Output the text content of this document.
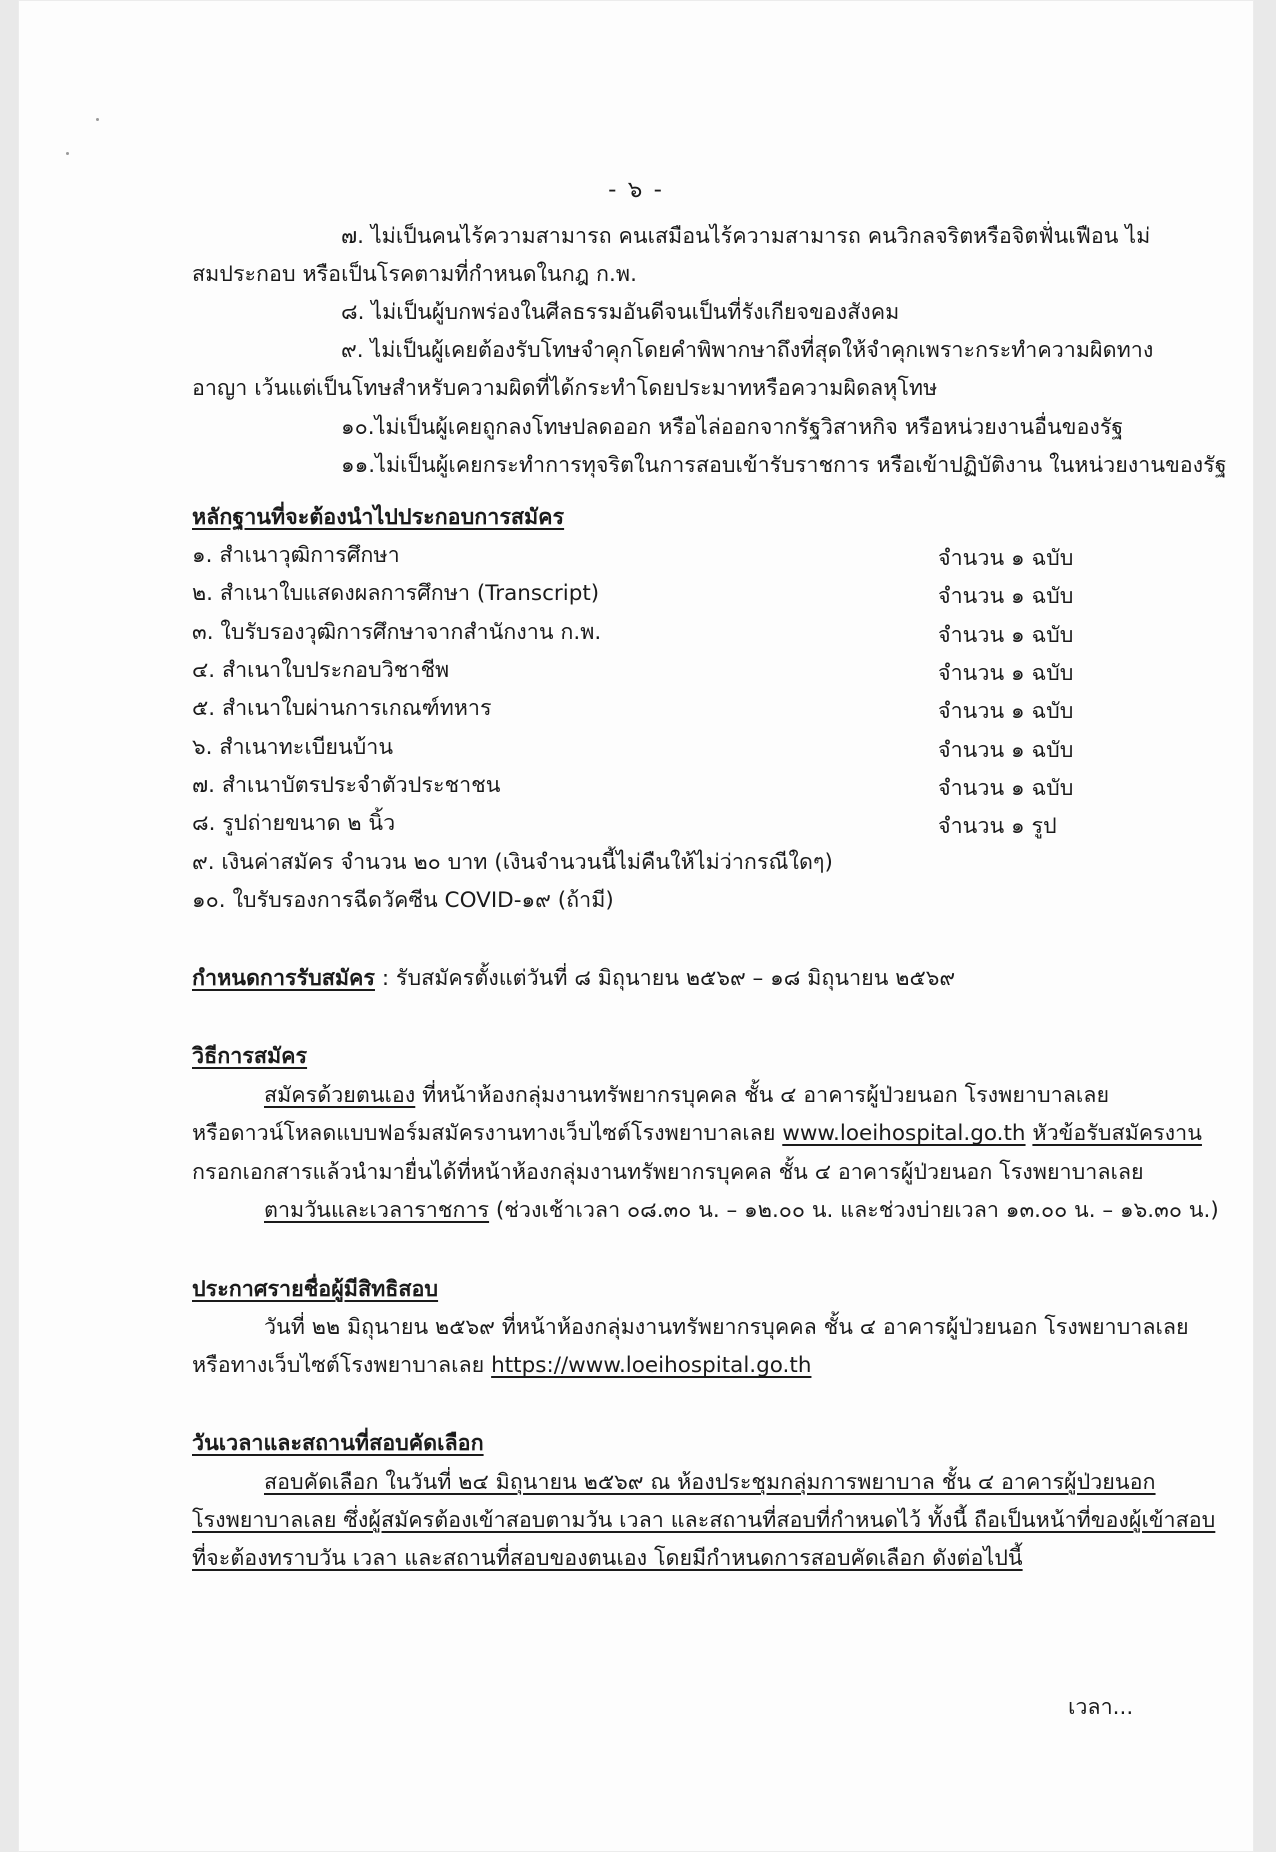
- ๖ -
๗. ไม่เป็นคนไร้ความสามารถ คนเสมือนไร้ความสามารถ คนวิกลจริตหรือจิตฟั่นเฟือน ไม่
สมประกอบ หรือเป็นโรคตามที่กำหนดในกฎ ก.พ.
๘. ไม่เป็นผู้บกพร่องในศีลธรรมอันดีจนเป็นที่รังเกียจของสังคม
๙. ไม่เป็นผู้เคยต้องรับโทษจำคุกโดยคำพิพากษาถึงที่สุดให้จำคุกเพราะกระทำความผิดทาง
อาญา เว้นแต่เป็นโทษสำหรับความผิดที่ได้กระทำโดยประมาทหรือความผิดลหุโทษ
๑๐.ไม่เป็นผู้เคยถูกลงโทษปลดออก หรือไล่ออกจากรัฐวิสาหกิจ หรือหน่วยงานอื่นของรัฐ
๑๑.ไม่เป็นผู้เคยกระทำการทุจริตในการสอบเข้ารับราชการ หรือเข้าปฏิบัติงาน ในหน่วยงานของรัฐ
หลักฐานที่จะต้องนำไปประกอบการสมัคร
๑. สำเนาวุฒิการศึกษา	จำนวน ๑ ฉบับ
๒. สำเนาใบแสดงผลการศึกษา (Transcript)	จำนวน ๑ ฉบับ
๓. ใบรับรองวุฒิการศึกษาจากสำนักงาน ก.พ.	จำนวน ๑ ฉบับ
๔. สำเนาใบประกอบวิชาชีพ	จำนวน ๑ ฉบับ
๕. สำเนาใบผ่านการเกณฑ์ทหาร	จำนวน ๑ ฉบับ
๖. สำเนาทะเบียนบ้าน	จำนวน ๑ ฉบับ
๗. สำเนาบัตรประจำตัวประชาชน	จำนวน ๑ ฉบับ
๘. รูปถ่ายขนาด ๒ นิ้ว	จำนวน ๑ รูป
๙. เงินค่าสมัคร จำนวน ๒๐ บาท (เงินจำนวนนี้ไม่คืนให้ไม่ว่ากรณีใดๆ)
๑๐. ใบรับรองการฉีดวัคซีน COVID-๑๙ (ถ้ามี)
กำหนดการรับสมัคร : รับสมัครตั้งแต่วันที่ ๘ มิถุนายน ๒๕๖๙ – ๑๘ มิถุนายน ๒๕๖๙
วิธีการสมัคร
สมัครด้วยตนเอง ที่หน้าห้องกลุ่มงานทรัพยากรบุคคล ชั้น ๔ อาคารผู้ป่วยนอก โรงพยาบาลเลย
หรือดาวน์โหลดแบบฟอร์มสมัครงานทางเว็บไซต์โรงพยาบาลเลย www.loeihospital.go.th หัวข้อรับสมัครงาน
กรอกเอกสารแล้วนำมายื่นได้ที่หน้าห้องกลุ่มงานทรัพยากรบุคคล ชั้น ๔ อาคารผู้ป่วยนอก โรงพยาบาลเลย
ตามวันและเวลาราชการ (ช่วงเช้าเวลา ๐๘.๓๐ น. – ๑๒.๐๐ น. และช่วงบ่ายเวลา ๑๓.๐๐ น. – ๑๖.๓๐ น.)
ประกาศรายชื่อผู้มีสิทธิสอบ
วันที่ ๒๒ มิถุนายน ๒๕๖๙ ที่หน้าห้องกลุ่มงานทรัพยากรบุคคล ชั้น ๔ อาคารผู้ป่วยนอก โรงพยาบาลเลย
หรือทางเว็บไซต์โรงพยาบาลเลย https://www.loeihospital.go.th
วันเวลาและสถานที่สอบคัดเลือก
สอบคัดเลือก ในวันที่ ๒๔ มิถุนายน ๒๕๖๙ ณ ห้องประชุมกลุ่มการพยาบาล ชั้น ๔ อาคารผู้ป่วยนอก
โรงพยาบาลเลย ซึ่งผู้สมัครต้องเข้าสอบตามวัน เวลา และสถานที่สอบที่กำหนดไว้ ทั้งนี้ ถือเป็นหน้าที่ของผู้เข้าสอบ
ที่จะต้องทราบวัน เวลา และสถานที่สอบของตนเอง โดยมีกำหนดการสอบคัดเลือก ดังต่อไปนี้
เวลา...
